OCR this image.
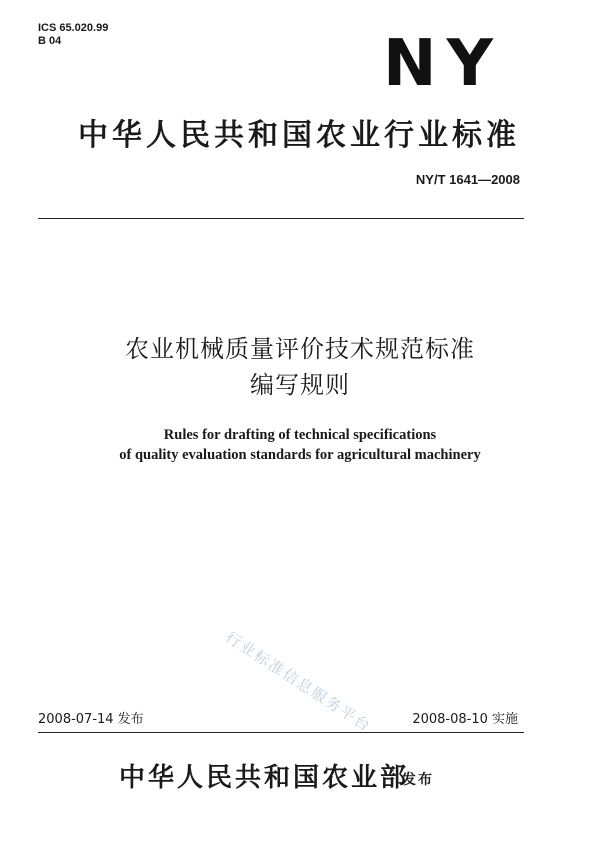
ICS 65.020.99
B 04	NY
中华人民共和国农业行业标准
NY/T 1641—2008
农业机械质量评价技术规范标准
编写规则
Rules for drafting of technical specifications
of quality evaluation standards for agricultural machinery
行业标准信息服务平台
2008-07-14 发布	2008-08-10 实施
中华人民共和国农业部
发布
